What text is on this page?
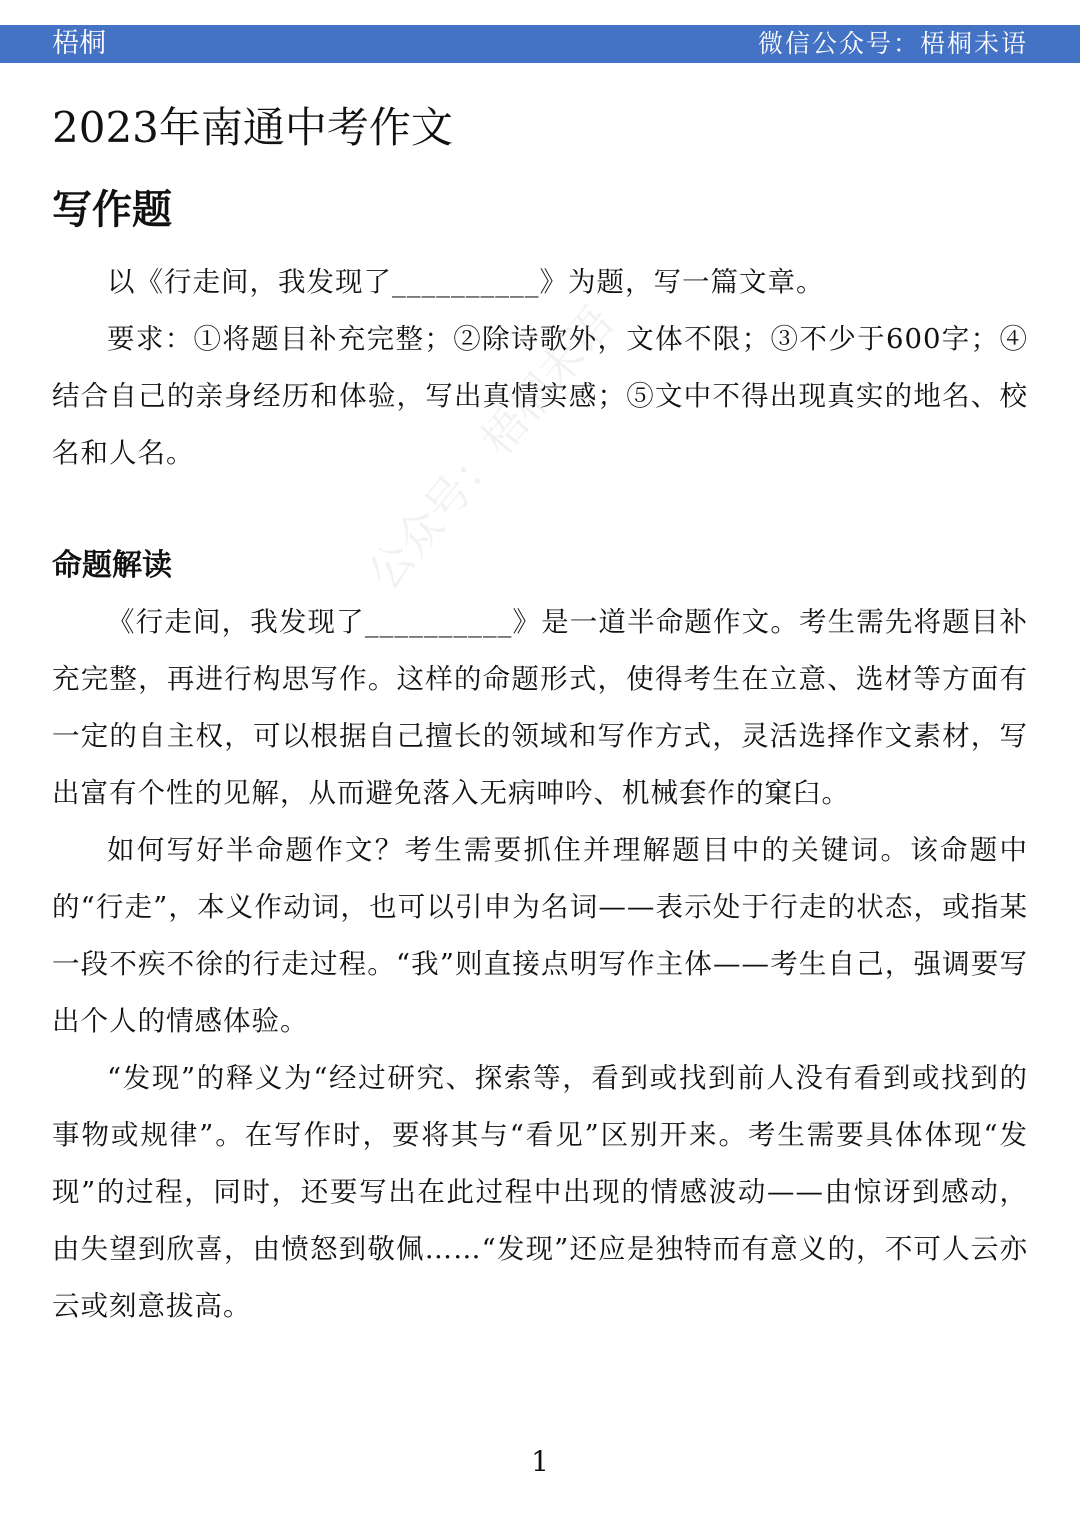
梧桐	微信公众号：梧桐未语
2023年南通中考作文
写作题

以《行走间，我发现了__________》为题，写一篇文章。

要求：①将题目补充完整；②除诗歌外，文体不限；③不少于600字；④结合自己的亲身经历和体验，写出真情实感；⑤文中不得出现真实的地名、校名和人名。

命题解读

《行走间，我发现了__________》是一道半命题作文。考生需先将题目补充完整，再进行构思写作。这样的命题形式，使得考生在立意、选材等方面有一定的自主权，可以根据自己擅长的领域和写作方式，灵活选择作文素材，写出富有个性的见解，从而避免落入无病呻吟、机械套作的窠臼。

如何写好半命题作文？考生需要抓住并理解题目中的关键词。该命题中的“行走”，本义作动词，也可以引申为名词——表示处于行走的状态，或指某一段不疾不徐的行走过程。“我”则直接点明写作主体——考生自己，强调要写出个人的情感体验。

“发现”的释义为“经过研究、探索等，看到或找到前人没有看到或找到的事物或规律”。在写作时，要将其与“看见”区别开来。考生需要具体体现“发现”的过程，同时，还要写出在此过程中出现的情感波动——由惊讶到感动，由失望到欣喜，由愤怒到敬佩……“发现”还应是独特而有意义的，不可人云亦云或刻意拔高。

公众号：梧桐未语
1
